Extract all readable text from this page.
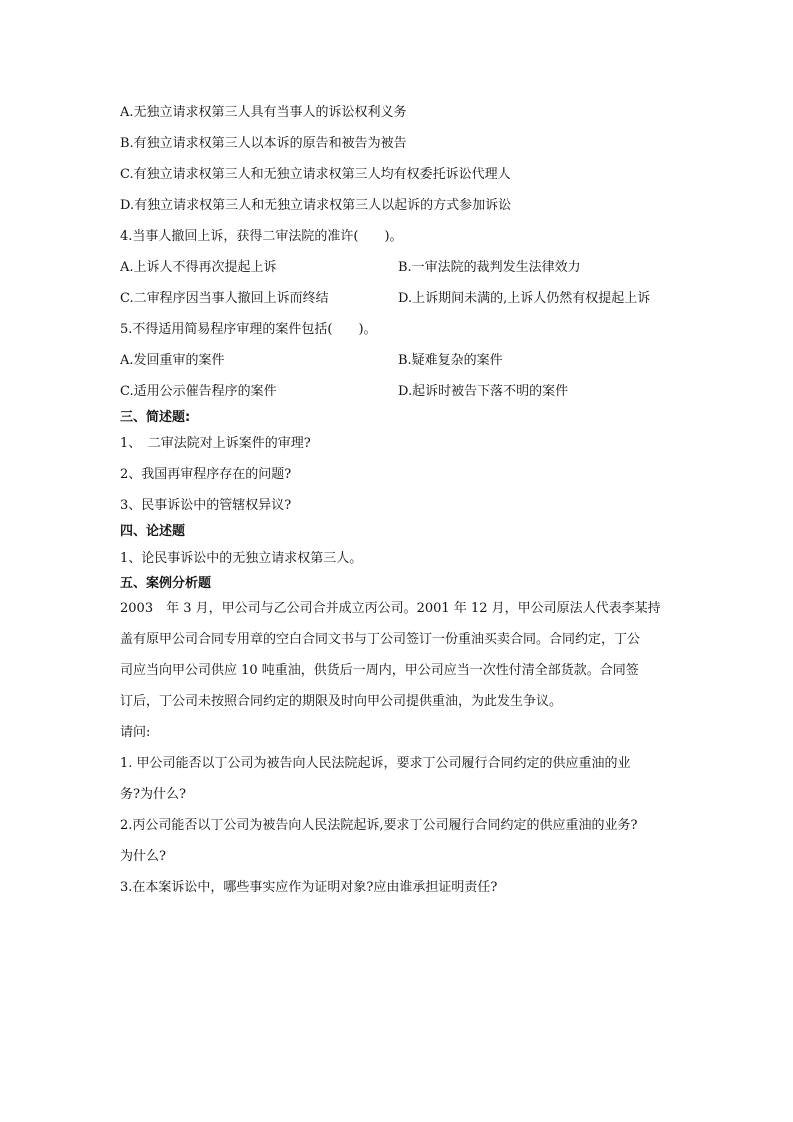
A.无独立请求权第三人具有当事人的诉讼权利义务
B.有独立请求权第三人以本诉的原告和被告为被告
C.有独立请求权第三人和无独立请求权第三人均有权委托诉讼代理人
D.有独立请求权第三人和无独立请求权第三人以起诉的方式参加诉讼
4.当事人撤回上诉，获得二审法院的准许(　　)。
A.上诉人不得再次提起上诉	B.一审法院的裁判发生法律效力
C.二审程序因当事人撤回上诉而终结	D.上诉期间未满的,上诉人仍然有权提起上诉
5.不得适用简易程序审理的案件包括(　　)。
A.发回重审的案件	B.疑难复杂的案件
C.适用公示催告程序的案件	D.起诉时被告下落不明的案件
三、简述题:
1、　二审法院对上诉案件的审理?
2、我国再审程序存在的问题?
3、民事诉讼中的管辖权异议?
四、论述题
1、论民事诉讼中的无独立请求权第三人。
五、案例分析题
2003　年 3 月，甲公司与乙公司合并成立丙公司。2001 年 12 月，甲公司原法人代表李某持
盖有原甲公司合同专用章的空白合同文书与丁公司签订一份重油买卖合同。合同约定，丁公
司应当向甲公司供应 10 吨重油，供货后一周内，甲公司应当一次性付清全部货款。合同签
订后，丁公司未按照合同约定的期限及时向甲公司提供重油，为此发生争议。
请问:
1. 甲公司能否以丁公司为被告向人民法院起诉，要求丁公司履行合同约定的供应重油的业
务?为什么?
2.丙公司能否以丁公司为被告向人民法院起诉,要求丁公司履行合同约定的供应重油的业务?
为什么?
3.在本案诉讼中，哪些事实应作为证明对象?应由谁承担证明责任?
